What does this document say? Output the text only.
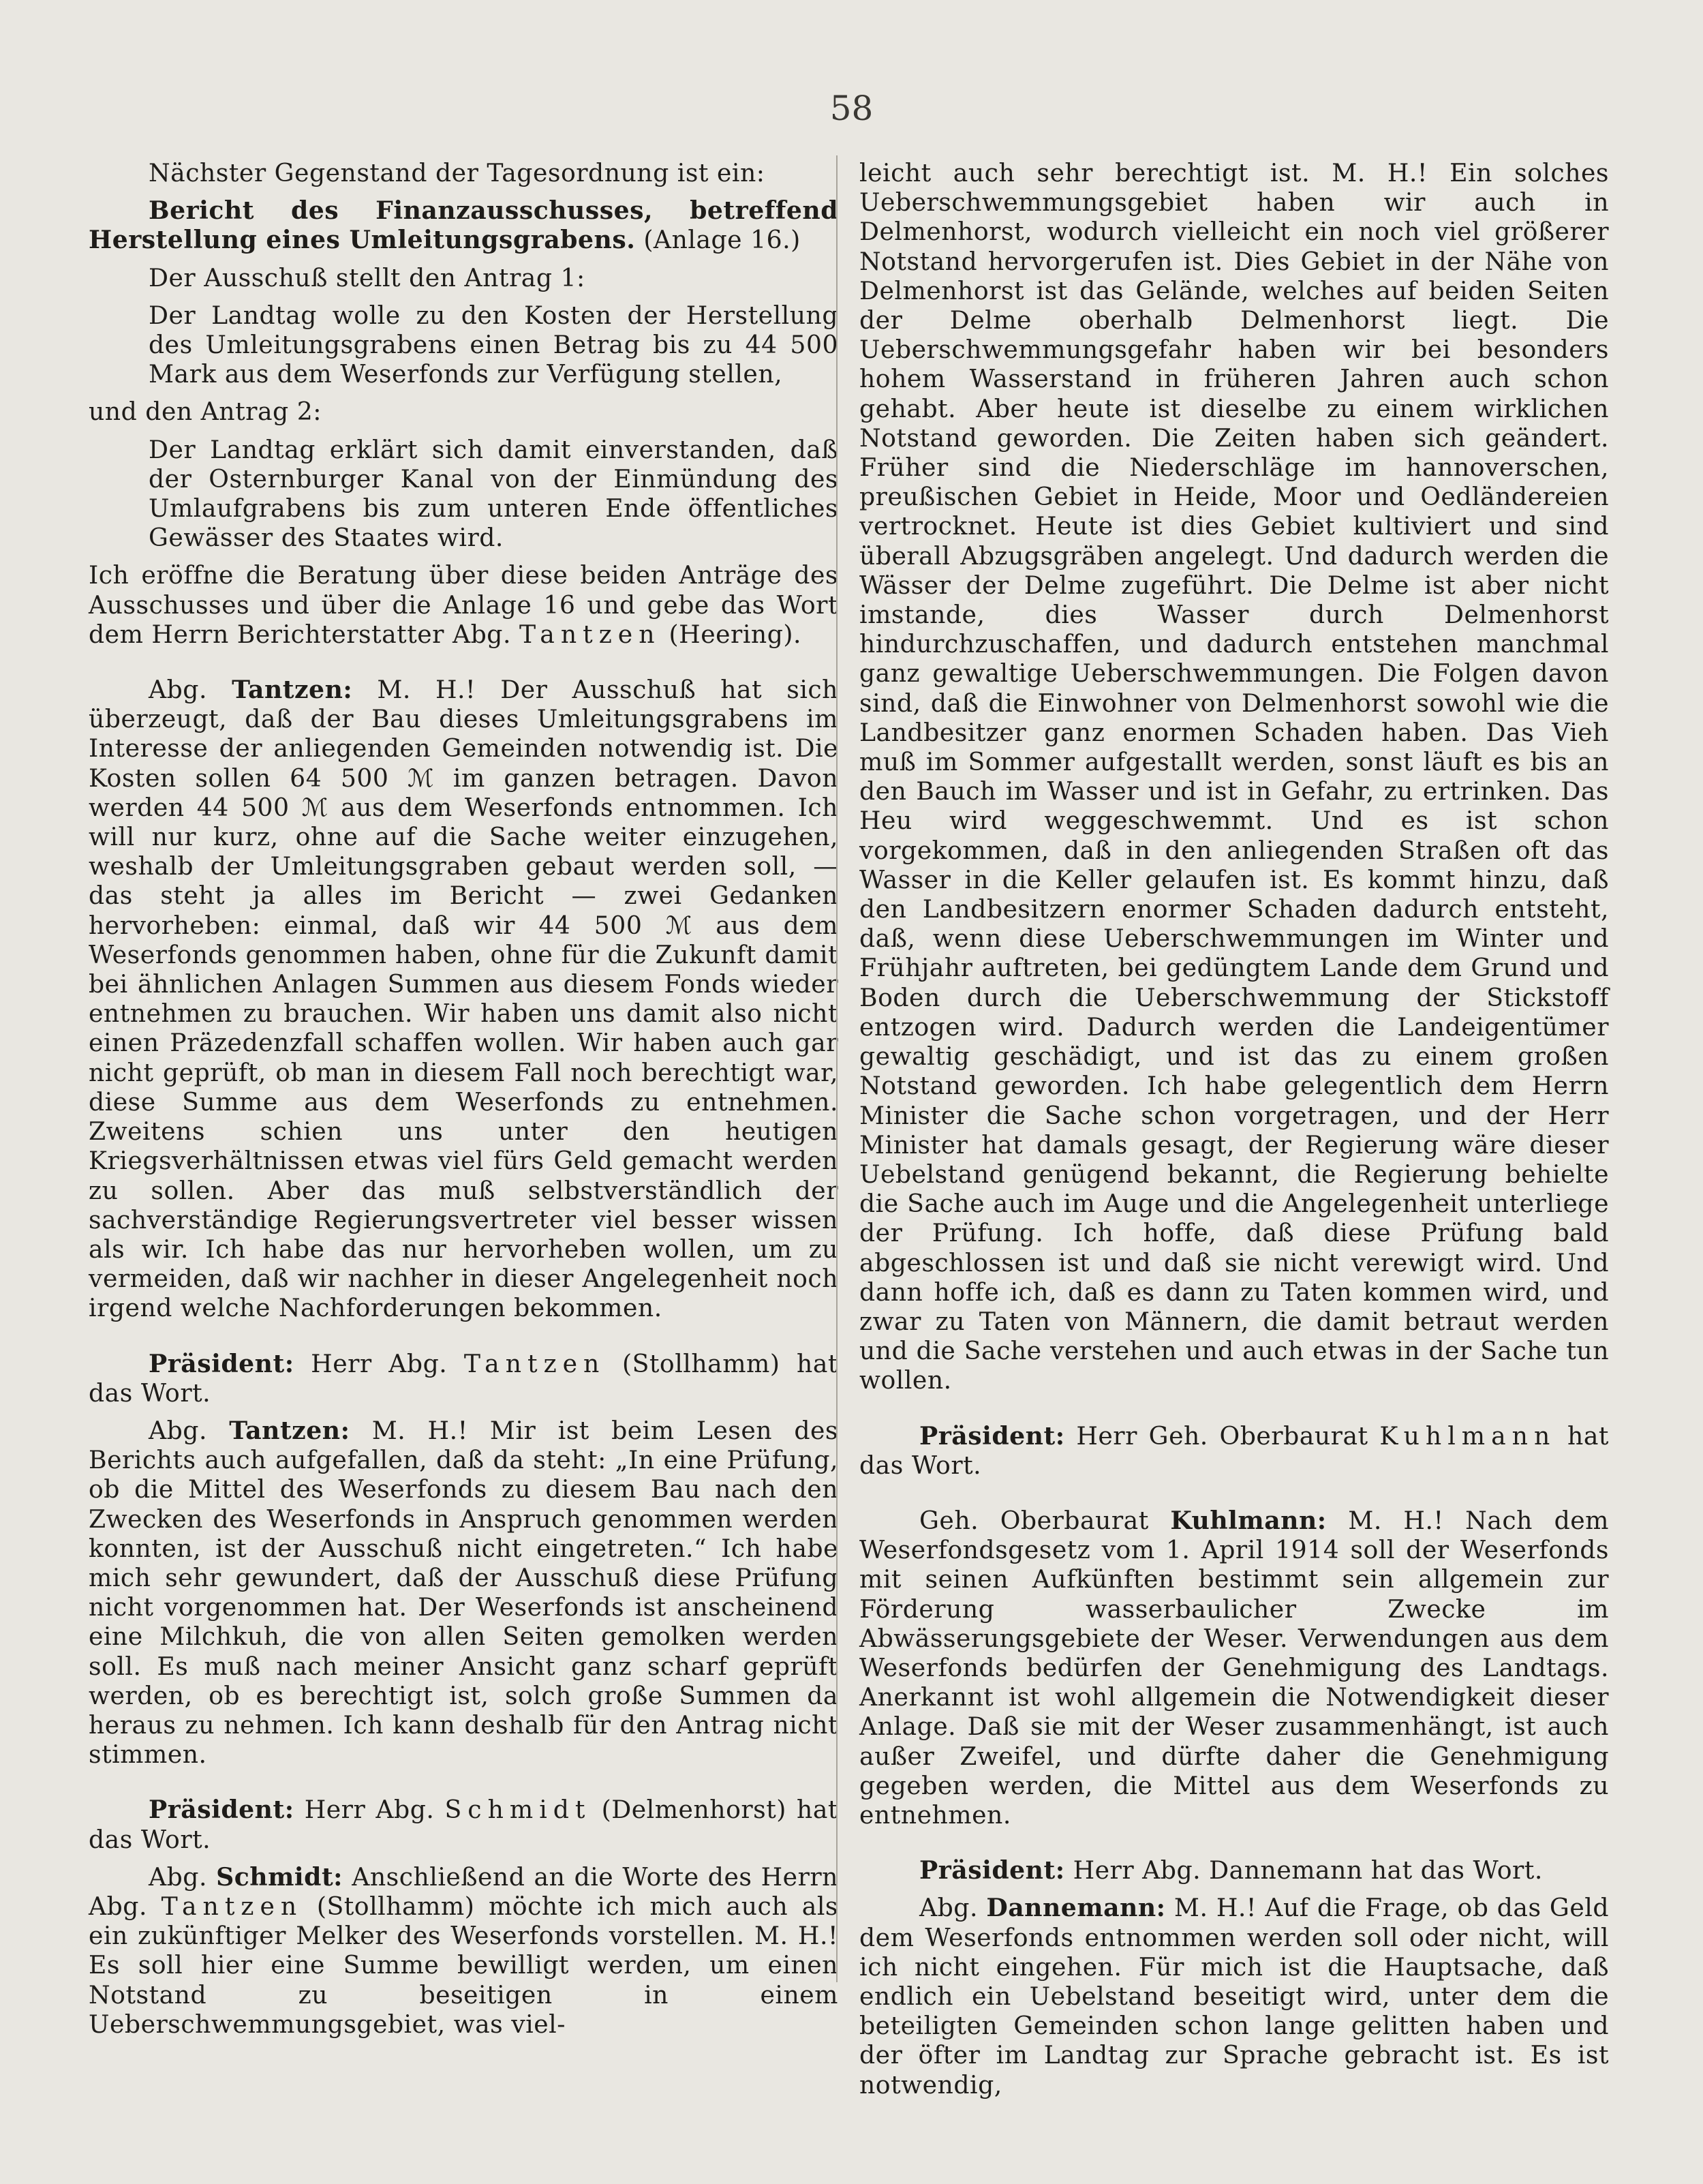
58

Nächster Gegenstand der Tagesordnung ist ein:

Bericht des Finanzausschusses, betreffend Herstellung eines Umleitungsgrabens. (Anlage 16.)

Der Ausschuß stellt den Antrag 1:

Der Landtag wolle zu den Kosten der Herstellung des Umleitungsgrabens einen Betrag bis zu 44 500 Mark aus dem Weserfonds zur Verfügung stellen,

und den Antrag 2:

Der Landtag erklärt sich damit einverstanden, daß der Osternburger Kanal von der Einmündung des Umlaufgrabens bis zum unteren Ende öffentliches Gewässer des Staates wird.

Ich eröffne die Beratung über diese beiden Anträge des Ausschusses und über die Anlage 16 und gebe das Wort dem Herrn Berichterstatter Abg. Tantzen (Heering).

Abg. Tantzen: M. H.! Der Ausschuß hat sich überzeugt, daß der Bau dieses Umleitungsgrabens im Interesse der anliegenden Gemeinden notwendig ist. Die Kosten sollen 64 500 ℳ im ganzen betragen. Davon werden 44 500 ℳ aus dem Weserfonds entnommen. Ich will nur kurz, ohne auf die Sache weiter einzugehen, weshalb der Umleitungsgraben gebaut werden soll, — das steht ja alles im Bericht — zwei Gedanken hervorheben: einmal, daß wir 44 500 ℳ aus dem Weserfonds genommen haben, ohne für die Zukunft damit bei ähnlichen Anlagen Summen aus diesem Fonds wieder entnehmen zu brauchen. Wir haben uns damit also nicht einen Präzedenzfall schaffen wollen. Wir haben auch gar nicht geprüft, ob man in diesem Fall noch berechtigt war, diese Summe aus dem Weserfonds zu entnehmen. Zweitens schien uns unter den heutigen Kriegsverhältnissen etwas viel fürs Geld gemacht werden zu sollen. Aber das muß selbstverständlich der sachverständige Regierungsvertreter viel besser wissen als wir. Ich habe das nur hervorheben wollen, um zu vermeiden, daß wir nachher in dieser Angelegenheit noch irgend welche Nachforderungen bekommen.

Präsident: Herr Abg. Tantzen (Stollhamm) hat das Wort.

Abg. Tantzen: M. H.! Mir ist beim Lesen des Berichts auch aufgefallen, daß da steht: „In eine Prüfung, ob die Mittel des Weserfonds zu diesem Bau nach den Zwecken des Weserfonds in Anspruch genommen werden konnten, ist der Ausschuß nicht eingetreten.“ Ich habe mich sehr gewundert, daß der Ausschuß diese Prüfung nicht vorgenommen hat. Der Weserfonds ist anscheinend eine Milchkuh, die von allen Seiten gemolken werden soll. Es muß nach meiner Ansicht ganz scharf geprüft werden, ob es berechtigt ist, solch große Summen da heraus zu nehmen. Ich kann deshalb für den Antrag nicht stimmen.

Präsident: Herr Abg. Schmidt (Delmenhorst) hat das Wort.

Abg. Schmidt: Anschließend an die Worte des Herrn Abg. Tantzen (Stollhamm) möchte ich mich auch als ein zukünftiger Melker des Weserfonds vorstellen. M. H.! Es soll hier eine Summe bewilligt werden, um einen Notstand zu beseitigen in einem Ueberschwemmungsgebiet, was viel-

leicht auch sehr berechtigt ist. M. H.! Ein solches Ueberschwemmungsgebiet haben wir auch in Delmenhorst, wodurch vielleicht ein noch viel größerer Notstand hervorgerufen ist. Dies Gebiet in der Nähe von Delmenhorst ist das Gelände, welches auf beiden Seiten der Delme oberhalb Delmenhorst liegt. Die Ueberschwemmungsgefahr haben wir bei besonders hohem Wasserstand in früheren Jahren auch schon gehabt. Aber heute ist dieselbe zu einem wirklichen Notstand geworden. Die Zeiten haben sich geändert. Früher sind die Niederschläge im hannoverschen, preußischen Gebiet in Heide, Moor und Oedländereien vertrocknet. Heute ist dies Gebiet kultiviert und sind überall Abzugsgräben angelegt. Und dadurch werden die Wässer der Delme zugeführt. Die Delme ist aber nicht imstande, dies Wasser durch Delmenhorst hindurchzuschaffen, und dadurch entstehen manchmal ganz gewaltige Ueberschwemmungen. Die Folgen davon sind, daß die Einwohner von Delmenhorst sowohl wie die Landbesitzer ganz enormen Schaden haben. Das Vieh muß im Sommer aufgestallt werden, sonst läuft es bis an den Bauch im Wasser und ist in Gefahr, zu ertrinken. Das Heu wird weggeschwemmt. Und es ist schon vorgekommen, daß in den anliegenden Straßen oft das Wasser in die Keller gelaufen ist. Es kommt hinzu, daß den Landbesitzern enormer Schaden dadurch entsteht, daß, wenn diese Ueberschwemmungen im Winter und Frühjahr auftreten, bei gedüngtem Lande dem Grund und Boden durch die Ueberschwemmung der Stickstoff entzogen wird. Dadurch werden die Landeigentümer gewaltig geschädigt, und ist das zu einem großen Notstand geworden. Ich habe gelegentlich dem Herrn Minister die Sache schon vorgetragen, und der Herr Minister hat damals gesagt, der Regierung wäre dieser Uebelstand genügend bekannt, die Regierung behielte die Sache auch im Auge und die Angelegenheit unterliege der Prüfung. Ich hoffe, daß diese Prüfung bald abgeschlossen ist und daß sie nicht verewigt wird. Und dann hoffe ich, daß es dann zu Taten kommen wird, und zwar zu Taten von Männern, die damit betraut werden und die Sache verstehen und auch etwas in der Sache tun wollen.

Präsident: Herr Geh. Oberbaurat Kuhlmann hat das Wort.

Geh. Oberbaurat Kuhlmann: M. H.! Nach dem Weserfondsgesetz vom 1. April 1914 soll der Weserfonds mit seinen Aufkünften bestimmt sein allgemein zur Förderung wasserbaulicher Zwecke im Abwässerungsgebiete der Weser. Verwendungen aus dem Weserfonds bedürfen der Genehmigung des Landtags. Anerkannt ist wohl allgemein die Notwendigkeit dieser Anlage. Daß sie mit der Weser zusammenhängt, ist auch außer Zweifel, und dürfte daher die Genehmigung gegeben werden, die Mittel aus dem Weserfonds zu entnehmen.

Präsident: Herr Abg. Dannemann hat das Wort.

Abg. Dannemann: M. H.! Auf die Frage, ob das Geld dem Weserfonds entnommen werden soll oder nicht, will ich nicht eingehen. Für mich ist die Hauptsache, daß endlich ein Uebelstand beseitigt wird, unter dem die beteiligten Gemeinden schon lange gelitten haben und der öfter im Landtag zur Sprache gebracht ist. Es ist notwendig,
